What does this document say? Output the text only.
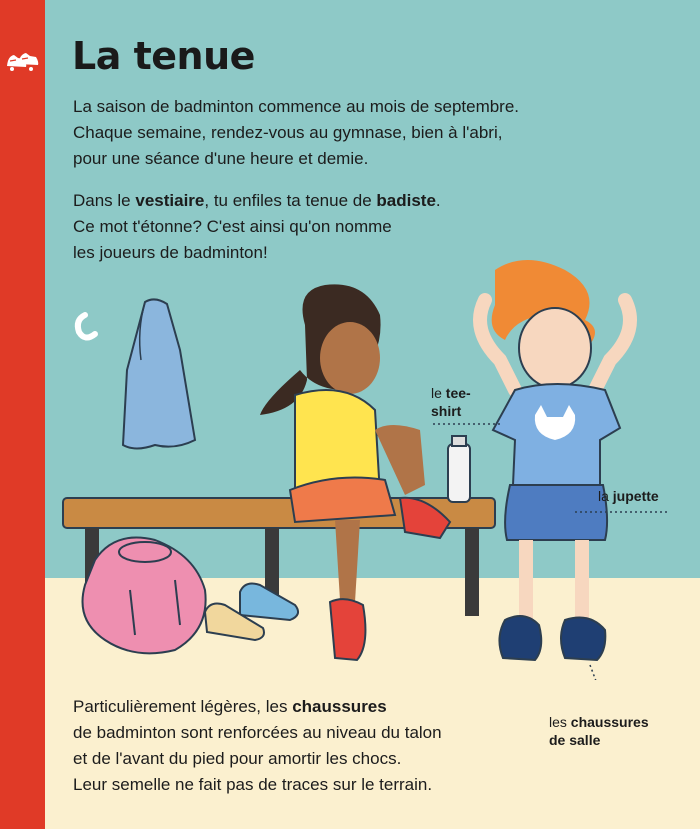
La tenue

La saison de badminton commence au mois de septembre.
Chaque semaine, rendez-vous au gymnase, bien à l'abri,
pour une séance d'une heure et demie.

Dans le vestiaire, tu enfiles ta tenue de badiste.
Ce mot t'étonne? C'est ainsi qu'on nomme
les joueurs de badminton!

le tee-
shirt
la jupette
les chaussures
de salle

Particulièrement légères, les chaussures
de badminton sont renforcées au niveau du talon
et de l'avant du pied pour amortir les chocs.
Leur semelle ne fait pas de traces sur le terrain.
